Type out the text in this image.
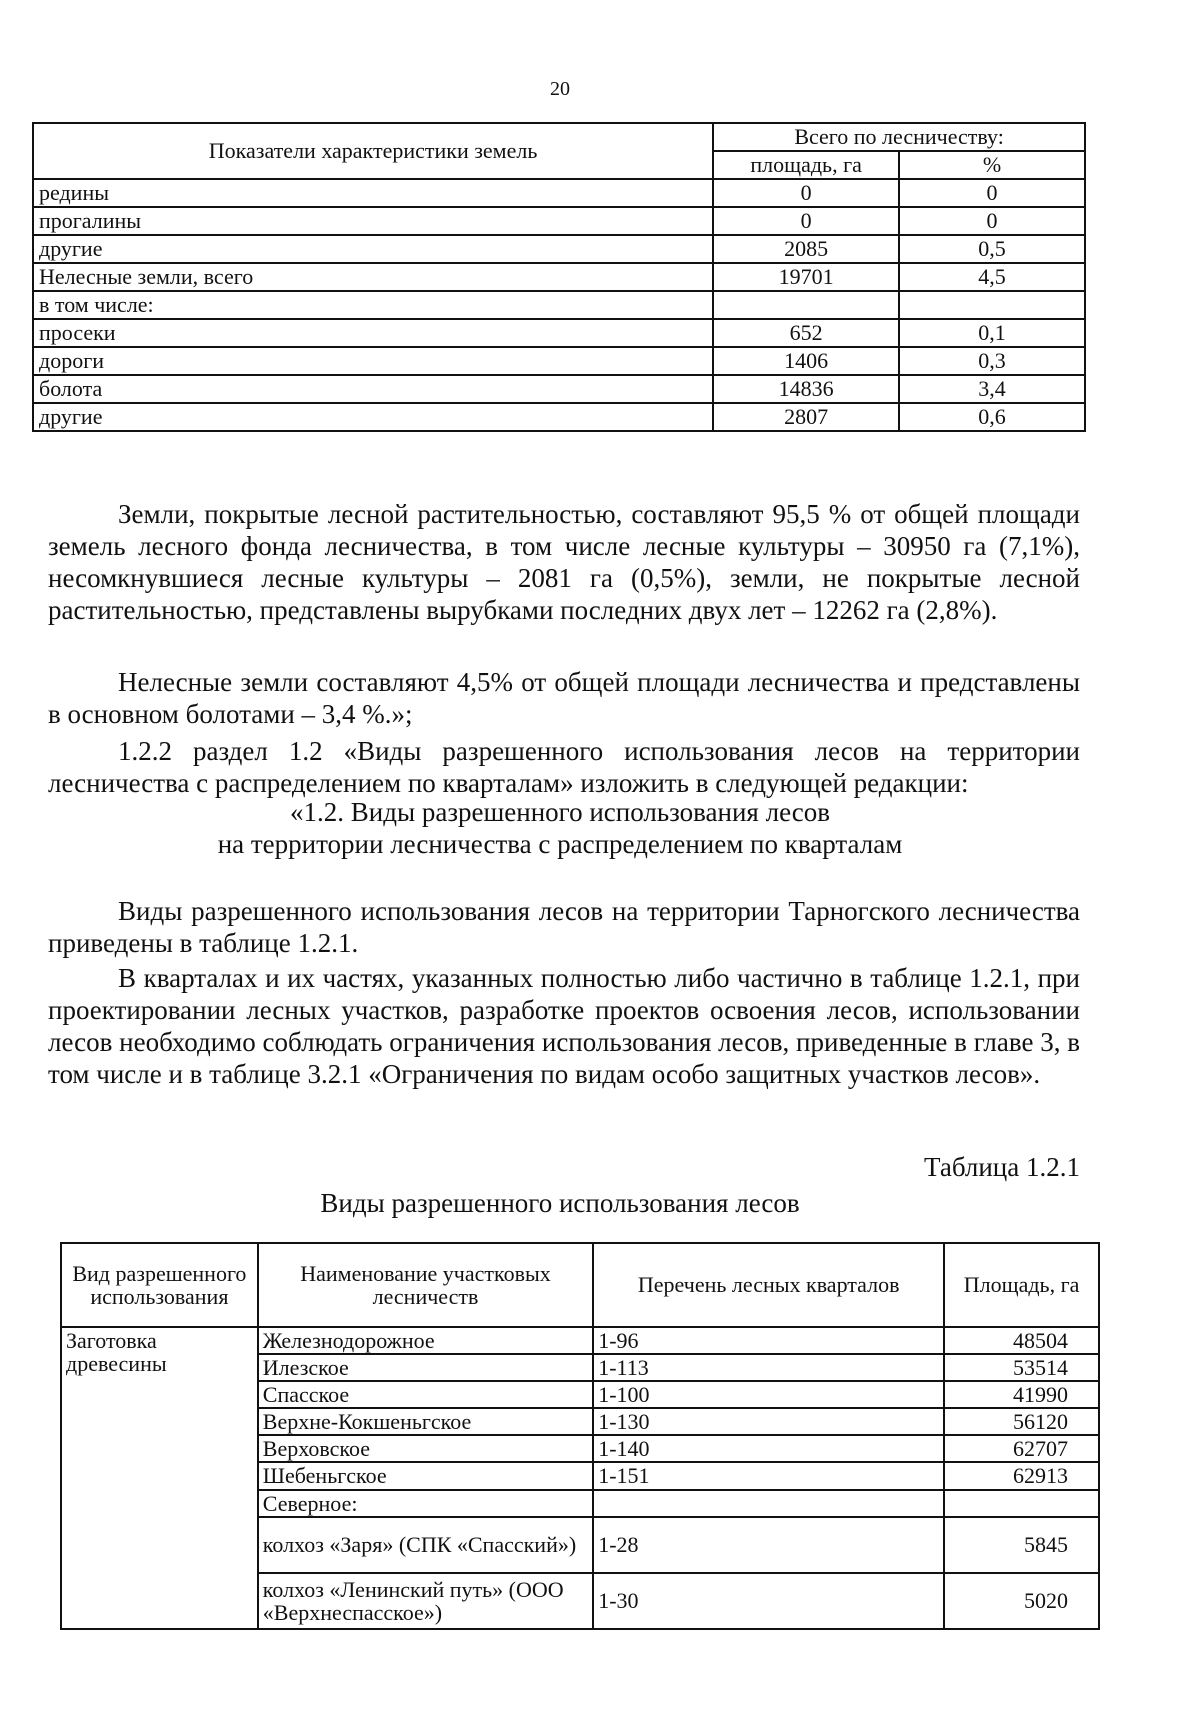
20
Показатели характеристики земель	Всего по лесничеству:	
	площадь, га	%
редины	0	0
прогалины	0	0
другие	2085	0,5
Нелесные земли, всего	19701	4,5
в том числе:		
просеки	652	0,1
дороги	1406	0,3
болота	14836	3,4
другие	2807	0,6
Земли, покрытые лесной растительностью, составляют 95,5 % от общей площади земель лесного фонда лесничества, в том числе лесные культуры – 30950 га (7,1%), несомкнувшиеся лесные культуры – 2081 га (0,5%), земли, не покрытые лесной растительностью, представлены вырубками последних двух лет – 12262 га (2,8%).
Нелесные земли составляют 4,5% от общей площади лесничества и представлены в основном болотами – 3,4 %.»;
1.2.2 раздел 1.2 «Виды разрешенного использования лесов на территории лесничества с распределением по кварталам» изложить в следующей редакции:
«1.2. Виды разрешенного использования лесов
на территории лесничества с распределением по кварталам
Виды разрешенного использования лесов на территории Тарногского лесничества приведены в таблице 1.2.1.
В кварталах и их частях, указанных полностью либо частично в таблице 1.2.1, при проектировании лесных участков, разработке проектов освоения лесов, использовании лесов необходимо соблюдать ограничения использования лесов, приведенные в главе 3, в том числе и в таблице 3.2.1 «Ограничения по видам особо защитных участков лесов».
Таблица 1.2.1
Виды разрешенного использования лесов
Вид разрешенного использования	Наименование участковых лесничеств	Перечень лесных кварталов	Площадь, га
Заготовка древесины	Железнодорожное	1-96	48504
	Илезское	1-113	53514
	Спасское	1-100	41990
	Верхне-Кокшеньгское	1-130	56120
	Верховское	1-140	62707
	Шебеньгское	1-151	62913
	Северное:		
	колхоз «Заря» (СПК «Спасский»)	1-28	5845
	колхоз «Ленинский путь» (ООО «Верхнеспасское»)	1-30	5020
